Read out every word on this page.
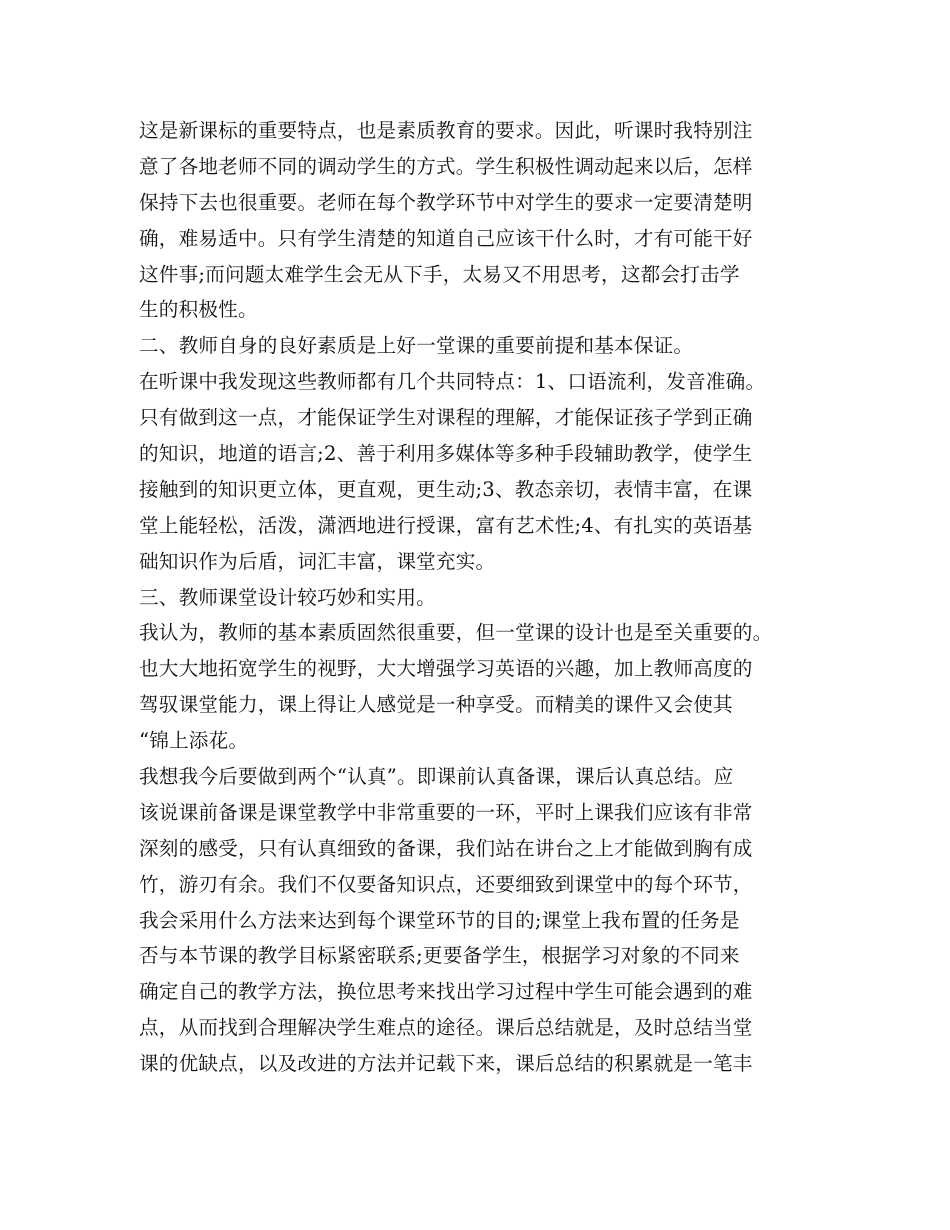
这是新课标的重要特点，也是素质教育的要求。因此，听课时我特别注
意了各地老师不同的调动学生的方式。学生积极性调动起来以后，怎样
保持下去也很重要。老师在每个教学环节中对学生的要求一定要清楚明
确，难易适中。只有学生清楚的知道自己应该干什么时，才有可能干好
这件事;而问题太难学生会无从下手，太易又不用思考，这都会打击学
生的积极性。
二、教师自身的良好素质是上好一堂课的重要前提和基本保证。
在听课中我发现这些教师都有几个共同特点：1、口语流利，发音准确。
只有做到这一点，才能保证学生对课程的理解，才能保证孩子学到正确
的知识，地道的语言;2、善于利用多媒体等多种手段辅助教学，使学生
接触到的知识更立体，更直观，更生动;3、教态亲切，表情丰富，在课
堂上能轻松，活泼，潇洒地进行授课，富有艺术性;4、有扎实的英语基
础知识作为后盾，词汇丰富，课堂充实。
三、教师课堂设计较巧妙和实用。
我认为，教师的基本素质固然很重要，但一堂课的设计也是至关重要的。
也大大地拓宽学生的视野，大大增强学习英语的兴趣，加上教师高度的
驾驭课堂能力，课上得让人感觉是一种享受。而精美的课件又会使其
“锦上添花。
我想我今后要做到两个“认真”。即课前认真备课，课后认真总结。应
该说课前备课是课堂教学中非常重要的一环，平时上课我们应该有非常
深刻的感受，只有认真细致的备课，我们站在讲台之上才能做到胸有成
竹，游刃有余。我们不仅要备知识点，还要细致到课堂中的每个环节，
我会采用什么方法来达到每个课堂环节的目的;课堂上我布置的任务是
否与本节课的教学目标紧密联系;更要备学生，根据学习对象的不同来
确定自己的教学方法，换位思考来找出学习过程中学生可能会遇到的难
点，从而找到合理解决学生难点的途径。课后总结就是，及时总结当堂
课的优缺点，以及改进的方法并记载下来，课后总结的积累就是一笔丰
